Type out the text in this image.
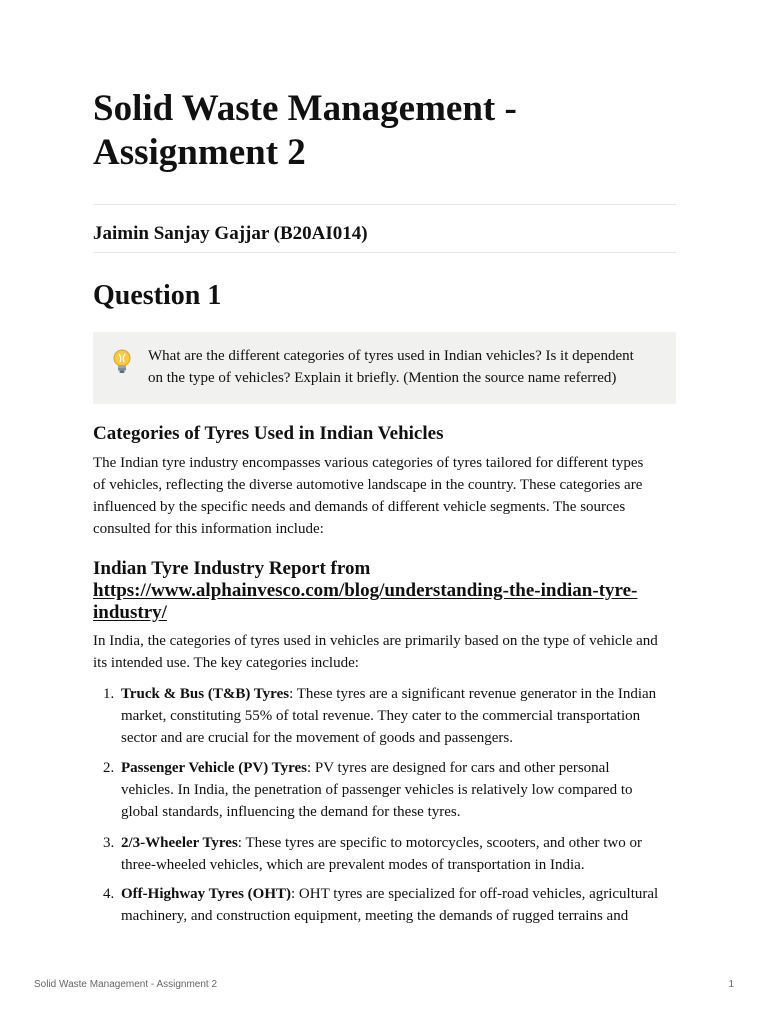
Solid Waste Management -
Assignment 2

Jaimin Sanjay Gajjar (B20AI014)

Question 1

What are the different categories of tyres used in Indian vehicles? Is it dependent
on the type of vehicles? Explain it briefly. (Mention the source name referred)

Categories of Tyres Used in Indian Vehicles

The Indian tyre industry encompasses various categories of tyres tailored for different types
of vehicles, reflecting the diverse automotive landscape in the country. These categories are
influenced by the specific needs and demands of different vehicle segments. The sources
consulted for this information include:

Indian Tyre Industry Report from
https://www.alphainvesco.com/blog/understanding-the-indian-tyre-
industry/

In India, the categories of tyres used in vehicles are primarily based on the type of vehicle and
its intended use. The key categories include:

1. Truck & Bus (T&B) Tyres: These tyres are a significant revenue generator in the Indian
market, constituting 55% of total revenue. They cater to the commercial transportation
sector and are crucial for the movement of goods and passengers.
2. Passenger Vehicle (PV) Tyres: PV tyres are designed for cars and other personal
vehicles. In India, the penetration of passenger vehicles is relatively low compared to
global standards, influencing the demand for these tyres.
3. 2/3-Wheeler Tyres: These tyres are specific to motorcycles, scooters, and other two or
three-wheeled vehicles, which are prevalent modes of transportation in India.
4. Off-Highway Tyres (OHT): OHT tyres are specialized for off-road vehicles, agricultural
machinery, and construction equipment, meeting the demands of rugged terrains and
Solid Waste Management - Assignment 2	1
